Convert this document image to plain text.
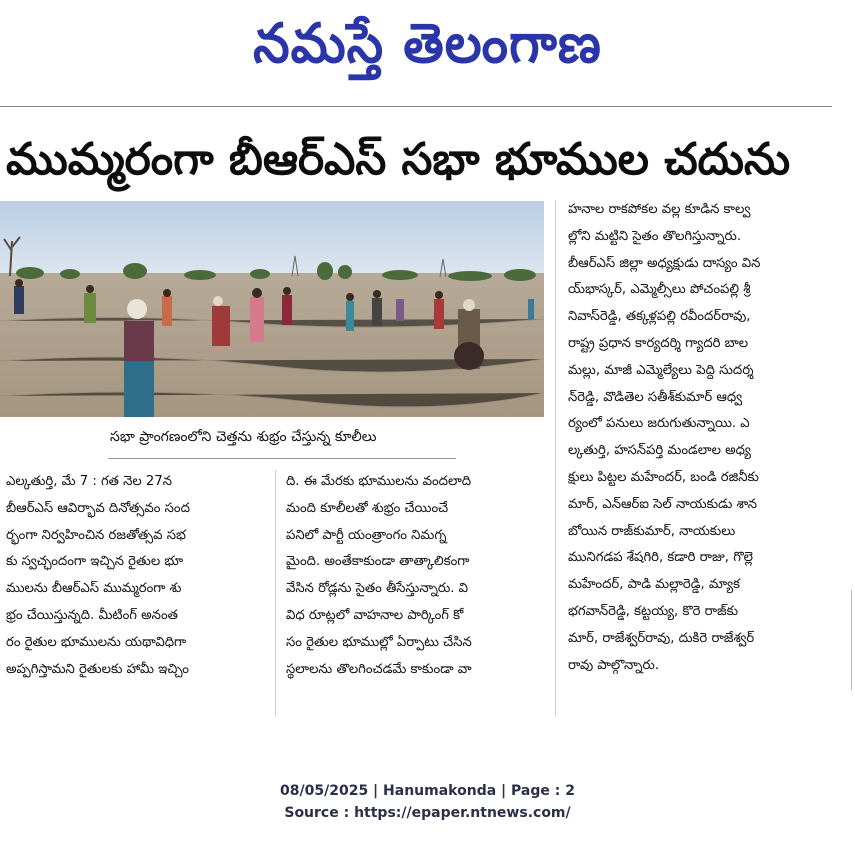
నమస్తే తెలంగాణ
ముమ్మరంగా బీఆర్ఎస్ సభా భూముల చదును
సభా ప్రాంగణంలోని చెత్తను శుభ్రం చేస్తున్న కూలీలు
ఎల్కతుర్తి, మే 7 : గత నెల 27న
బీఆర్ఎస్ ఆవిర్భావ దినోత్సవం సంద
ర్భంగా నిర్వహించిన రజతోత్సవ సభ
కు స్వచ్ఛందంగా ఇచ్చిన రైతుల భూ
ములను బీఆర్ఎస్ ముమ్మరంగా శు
భ్రం చేయిస్తున్నది. మీటింగ్ అనంత
రం రైతుల భూములను యథావిధిగా
అప్పగిస్తామని రైతులకు హామీ ఇచ్చిం
ది. ఈ మేరకు భూములను వందలాది
మంది కూలీలతో శుభ్రం చేయించే
పనిలో పార్టీ యంత్రాంగం నిమగ్న
మైంది. అంతేకాకుండా తాత్కాలికంగా
వేసిన రోడ్లను సైతం తీసేస్తున్నారు. వి
విధ రూట్లలో వాహనాల పార్కింగ్ కో
సం రైతుల భూముల్లో ఏర్పాటు చేసిన
స్థలాలను తొలగించడమే కాకుండా వా
హనాల రాకపోకల వల్ల కూడిన కాల్వ
ల్లోని మట్టిని సైతం తొలగిస్తున్నారు.
బీఆర్ఎస్ జిల్లా అధ్యక్షుడు దాస్యం విన
య్‌భాస్కర్, ఎమ్మెల్సీలు పోచంపల్లి శ్రీ
నివాస్‌రెడ్డి, తక్కళ్లపల్లి రవీందర్‌రావు,
రాష్ట్ర ప్రధాన కార్యదర్శి గ్యాదరి బాల
మల్లు, మాజీ ఎమ్మెల్యేలు పెద్ది సుదర్శ
న్‌రెడ్డి, వొడితెల సతీశ్‌కుమార్ ఆధ్వ
ర్యంలో పనులు జరుగుతున్నాయి. ఎ
ల్కతుర్తి, హసన్‌పర్తి మండలాల అధ్య
క్షులు పిట్టల మహేందర్, బండి రజినీకు
మార్, ఎన్ఆర్ఐ సెల్ నాయకుడు శాన
బోయిన రాజ్‌కుమార్, నాయకులు
మునిగడప శేషగిరి, కడారి రాజు, గొల్లె
మహేందర్, పాడి మల్లారెడ్డి, మ్యాక
భగవాన్‌రెడ్డి, కట్టయ్య, కొరె రాజ్‌కు
మార్, రాజేశ్వర్‌రావు, దుకిరె రాజేశ్వర్
రావు పాల్గొన్నారు.
08/05/2025 | Hanumakonda | Page : 2
Source : https://epaper.ntnews.com/
